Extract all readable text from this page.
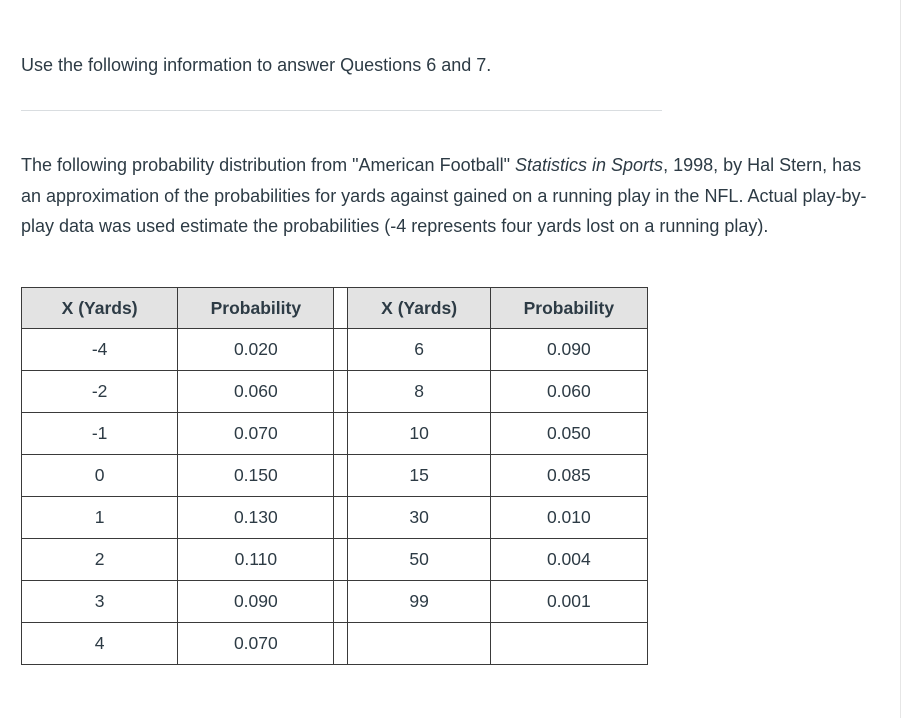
Use the following information to answer Questions 6 and 7.

The following probability distribution from "American Football" Statistics in Sports, 1998, by Hal Stern, has an approximation of the probabilities for yards against gained on a running play in the NFL. Actual play-by-play data was used estimate the probabilities (-4 represents four yards lost on a running play).

X (Yards)	Probability		X (Yards)	Probability
-4	0.020		6	0.090
-2	0.060		8	0.060
-1	0.070		10	0.050
0	0.150		15	0.085
1	0.130		30	0.010
2	0.110		50	0.004
3	0.090		99	0.001
4	0.070			
